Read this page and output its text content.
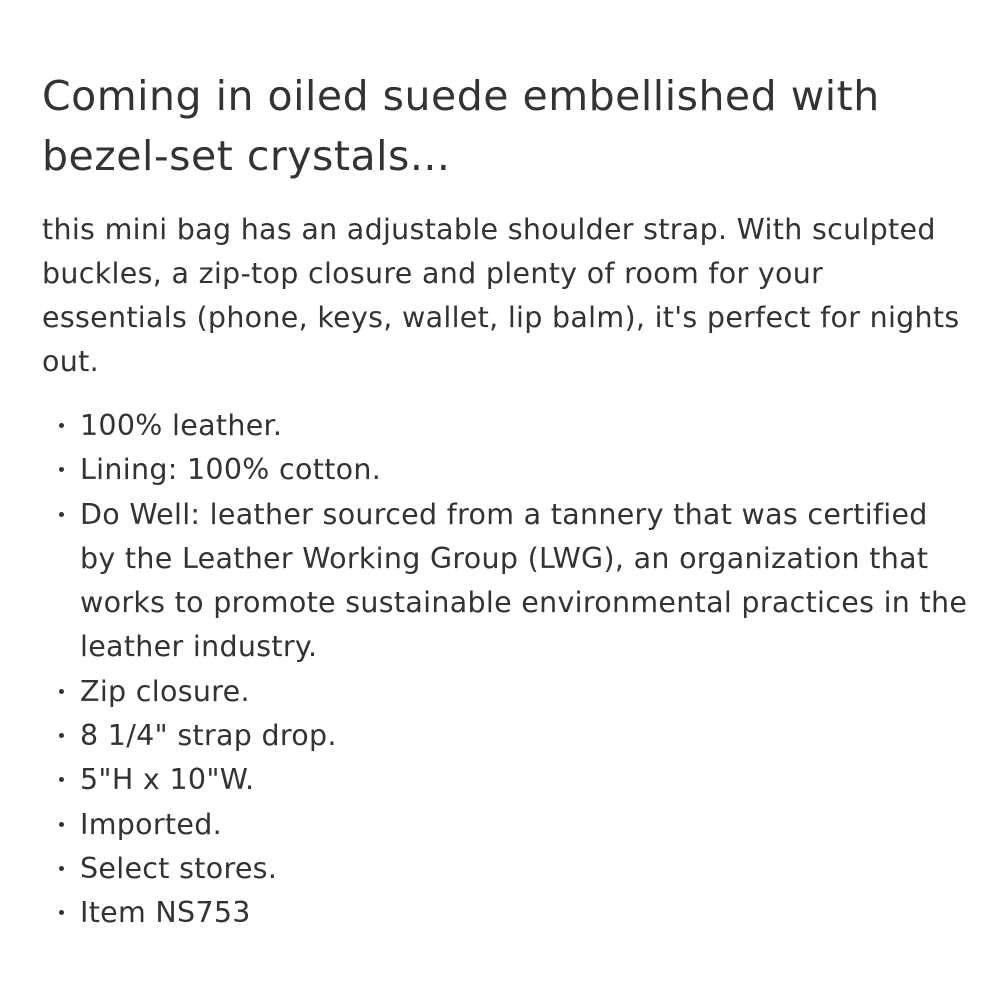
Coming in oiled suede embellished with bezel-set crystals...

this mini bag has an adjustable shoulder strap. With sculpted buckles, a zip-top closure and plenty of room for your essentials (phone, keys, wallet, lip balm), it's perfect for nights out.

100% leather.
Lining: 100% cotton.
Do Well: leather sourced from a tannery that was certified by the Leather Working Group (LWG), an organization that works to promote sustainable environmental practices in the leather industry.
Zip closure.
8 1/4" strap drop.
5"H x 10"W.
Imported.
Select stores.
Item NS753
